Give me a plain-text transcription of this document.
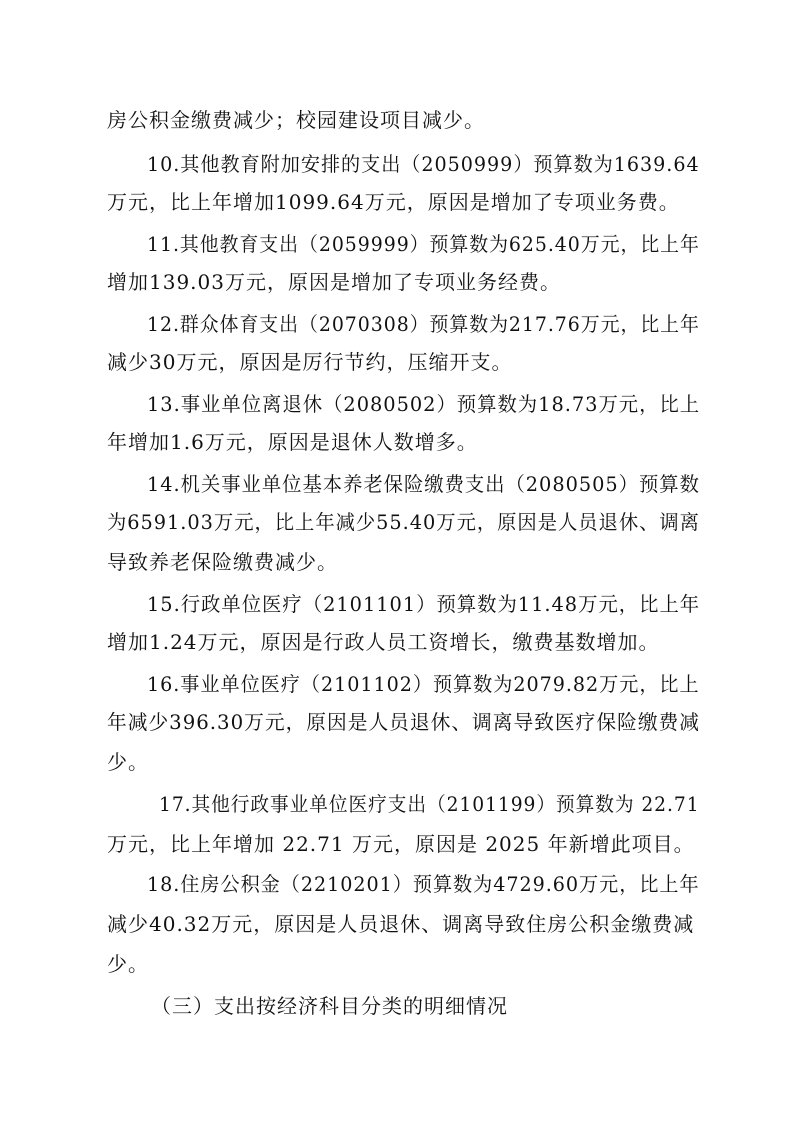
房公积金缴费减少；校园建设项目减少。
10.其他教育附加安排的支出（2050999）预算数为1639.64
万元，比上年增加1099.64万元，原因是增加了专项业务费。
11.其他教育支出（2059999）预算数为625.40万元，比上年
增加139.03万元，原因是增加了专项业务经费。
12.群众体育支出（2070308）预算数为217.76万元，比上年
减少30万元，原因是厉行节约，压缩开支。
13.事业单位离退休（2080502）预算数为18.73万元，比上
年增加1.6万元，原因是退休人数增多。
14.机关事业单位基本养老保险缴费支出（2080505）预算数
为6591.03万元，比上年减少55.40万元，原因是人员退休、调离
导致养老保险缴费减少。
15.行政单位医疗（2101101）预算数为11.48万元，比上年
增加1.24万元，原因是行政人员工资增长，缴费基数增加。
16.事业单位医疗（2101102）预算数为2079.82万元，比上
年减少396.30万元，原因是人员退休、调离导致医疗保险缴费减
少。
17.其他行政事业单位医疗支出（2101199）预算数为 22.71
万元，比上年增加 22.71 万元，原因是 2025 年新增此项目。
18.住房公积金（2210201）预算数为4729.60万元，比上年
减少40.32万元，原因是人员退休、调离导致住房公积金缴费减
少。
（三）支出按经济科目分类的明细情况
